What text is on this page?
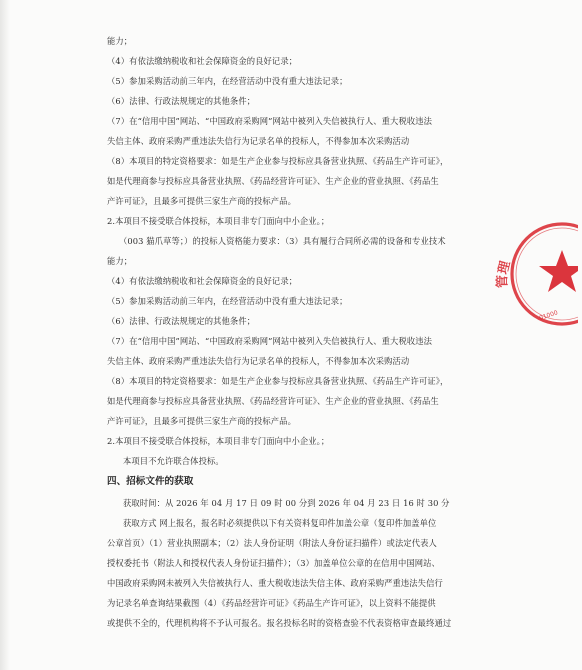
能力；
（4）有依法缴纳税收和社会保障资金的良好记录；
（5）参加采购活动前三年内，在经营活动中没有重大违法记录；
（6）法律、行政法规规定的其他条件；
（7）在“信用中国”网站、“中国政府采购网”网站中被列入失信被执行人、重大税收违法
失信主体、政府采购严重违法失信行为记录名单的投标人，不得参加本次采购活动
（8）本项目的特定资格要求：如是生产企业参与投标应具备营业执照、《药品生产许可证》，
如是代理商参与投标应具备营业执照、《药品经营许可证》、生产企业的营业执照、《药品生
产许可证》，且最多可提供三家生产商的投标产品。
2.本项目不接受联合体投标，本项目非专门面向中小企业。；
（003 猫爪草等；）的投标人资格能力要求：（3）具有履行合同所必需的设备和专业技术
能力；
（4）有依法缴纳税收和社会保障资金的良好记录；
（5）参加采购活动前三年内，在经营活动中没有重大违法记录；
（6）法律、行政法规规定的其他条件；
（7）在“信用中国”网站、“中国政府采购网”网站中被列入失信被执行人、重大税收违法
失信主体、政府采购严重违法失信行为记录名单的投标人，不得参加本次采购活动
（8）本项目的特定资格要求：如是生产企业参与投标应具备营业执照、《药品生产许可证》，
如是代理商参与投标应具备营业执照、《药品经营许可证》、生产企业的营业执照、《药品生
产许可证》，且最多可提供三家生产商的投标产品。
2.本项目不接受联合体投标，本项目非专门面向中小企业。；
本项目不允许联合体投标。
四、招标文件的获取
获取时间：从 2026 年 04 月 17 日 09 时 00 分到 2026 年 04 月 23 日 16 时 30 分
获取方式 网上报名，报名时必须提供以下有关资料复印件加盖公章（复印件加盖单位
公章首页）（1）营业执照副本；（2）法人身份证明（附法人身份证扫描件）或法定代表人
授权委托书（附法人和授权代表人身份证扫描件）；（3）加盖单位公章的在信用中国网站、
中国政府采购网未被列入失信被执行人、重大税收违法失信主体、政府采购严重违法失信行
为记录名单查询结果截图（4）《药品经营许可证》《药品生产许可证》，以上资料不能提供
或提供不全的，代理机构将不予认可报名。报名投标名时的资格查验不代表资格审查最终通过
管理
01000
